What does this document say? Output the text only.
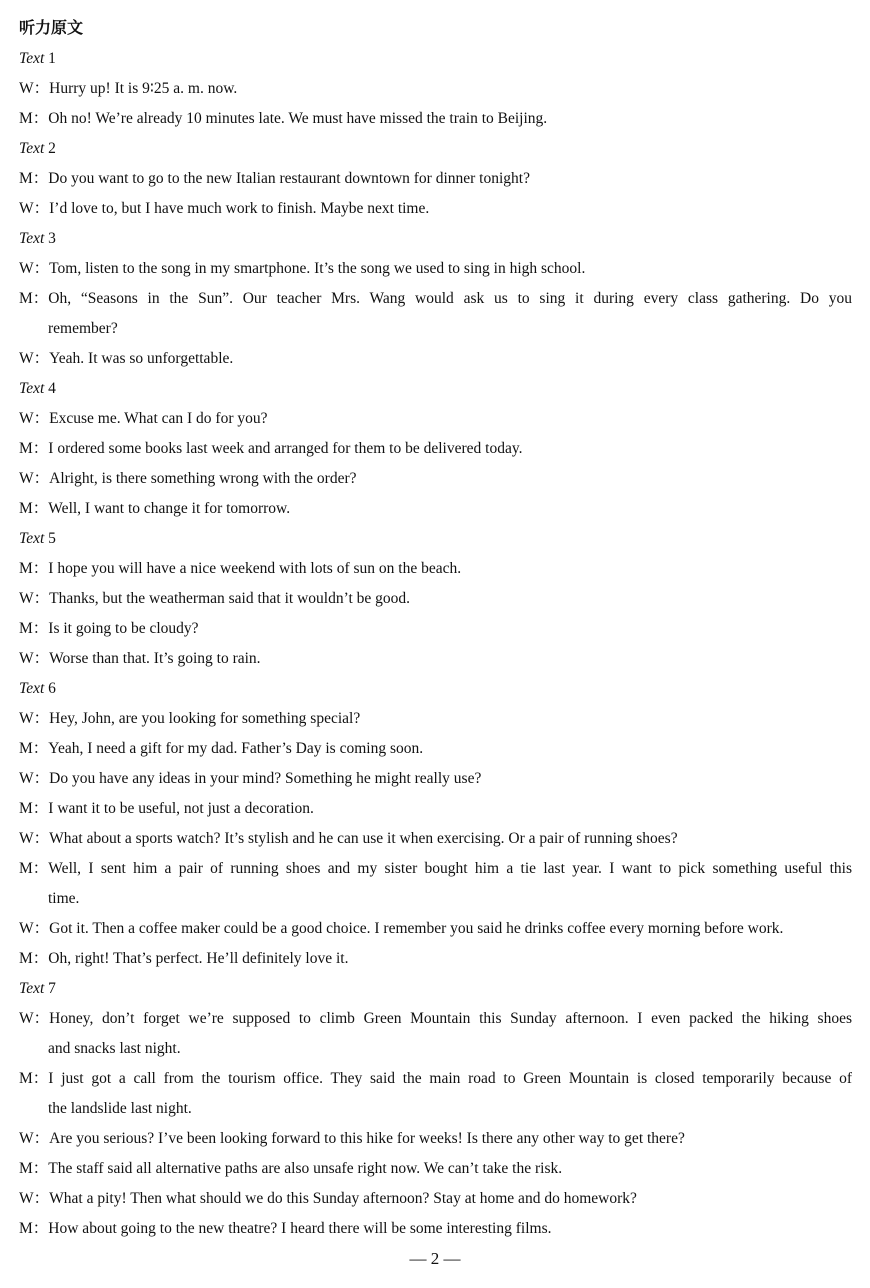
听力原文
Text 1
W：Hurry up! It is 9∶25 a. m. now.
M：Oh no! We’re already 10 minutes late. We must have missed the train to Beijing.
Text 2
M：Do you want to go to the new Italian restaurant downtown for dinner tonight?
W：I’d love to, but I have much work to finish. Maybe next time.
Text 3
W：Tom, listen to the song in my smartphone. It’s the song we used to sing in high school.
M：Oh, “Seasons in the Sun”. Our teacher Mrs. Wang would ask us to sing it during every class gathering. Do you
remember?
W：Yeah. It was so unforgettable.
Text 4
W：Excuse me. What can I do for you?
M：I ordered some books last week and arranged for them to be delivered today.
W：Alright, is there something wrong with the order?
M：Well, I want to change it for tomorrow.
Text 5
M：I hope you will have a nice weekend with lots of sun on the beach.
W：Thanks, but the weatherman said that it wouldn’t be good.
M：Is it going to be cloudy?
W：Worse than that. It’s going to rain.
Text 6
W：Hey, John, are you looking for something special?
M：Yeah, I need a gift for my dad. Father’s Day is coming soon.
W：Do you have any ideas in your mind? Something he might really use?
M：I want it to be useful, not just a decoration.
W：What about a sports watch? It’s stylish and he can use it when exercising. Or a pair of running shoes?
M：Well, I sent him a pair of running shoes and my sister bought him a tie last year. I want to pick something useful this
time.
W：Got it. Then a coffee maker could be a good choice. I remember you said he drinks coffee every morning before work.
M：Oh, right! That’s perfect. He’ll definitely love it.
Text 7
W：Honey, don’t forget we’re supposed to climb Green Mountain this Sunday afternoon. I even packed the hiking shoes
and snacks last night.
M：I just got a call from the tourism office. They said the main road to Green Mountain is closed temporarily because of
the landslide last night.
W：Are you serious? I’ve been looking forward to this hike for weeks! Is there any other way to get there?
M：The staff said all alternative paths are also unsafe right now. We can’t take the risk.
W：What a pity! Then what should we do this Sunday afternoon? Stay at home and do homework?
M：How about going to the new theatre? I heard there will be some interesting films.
— 2 —
